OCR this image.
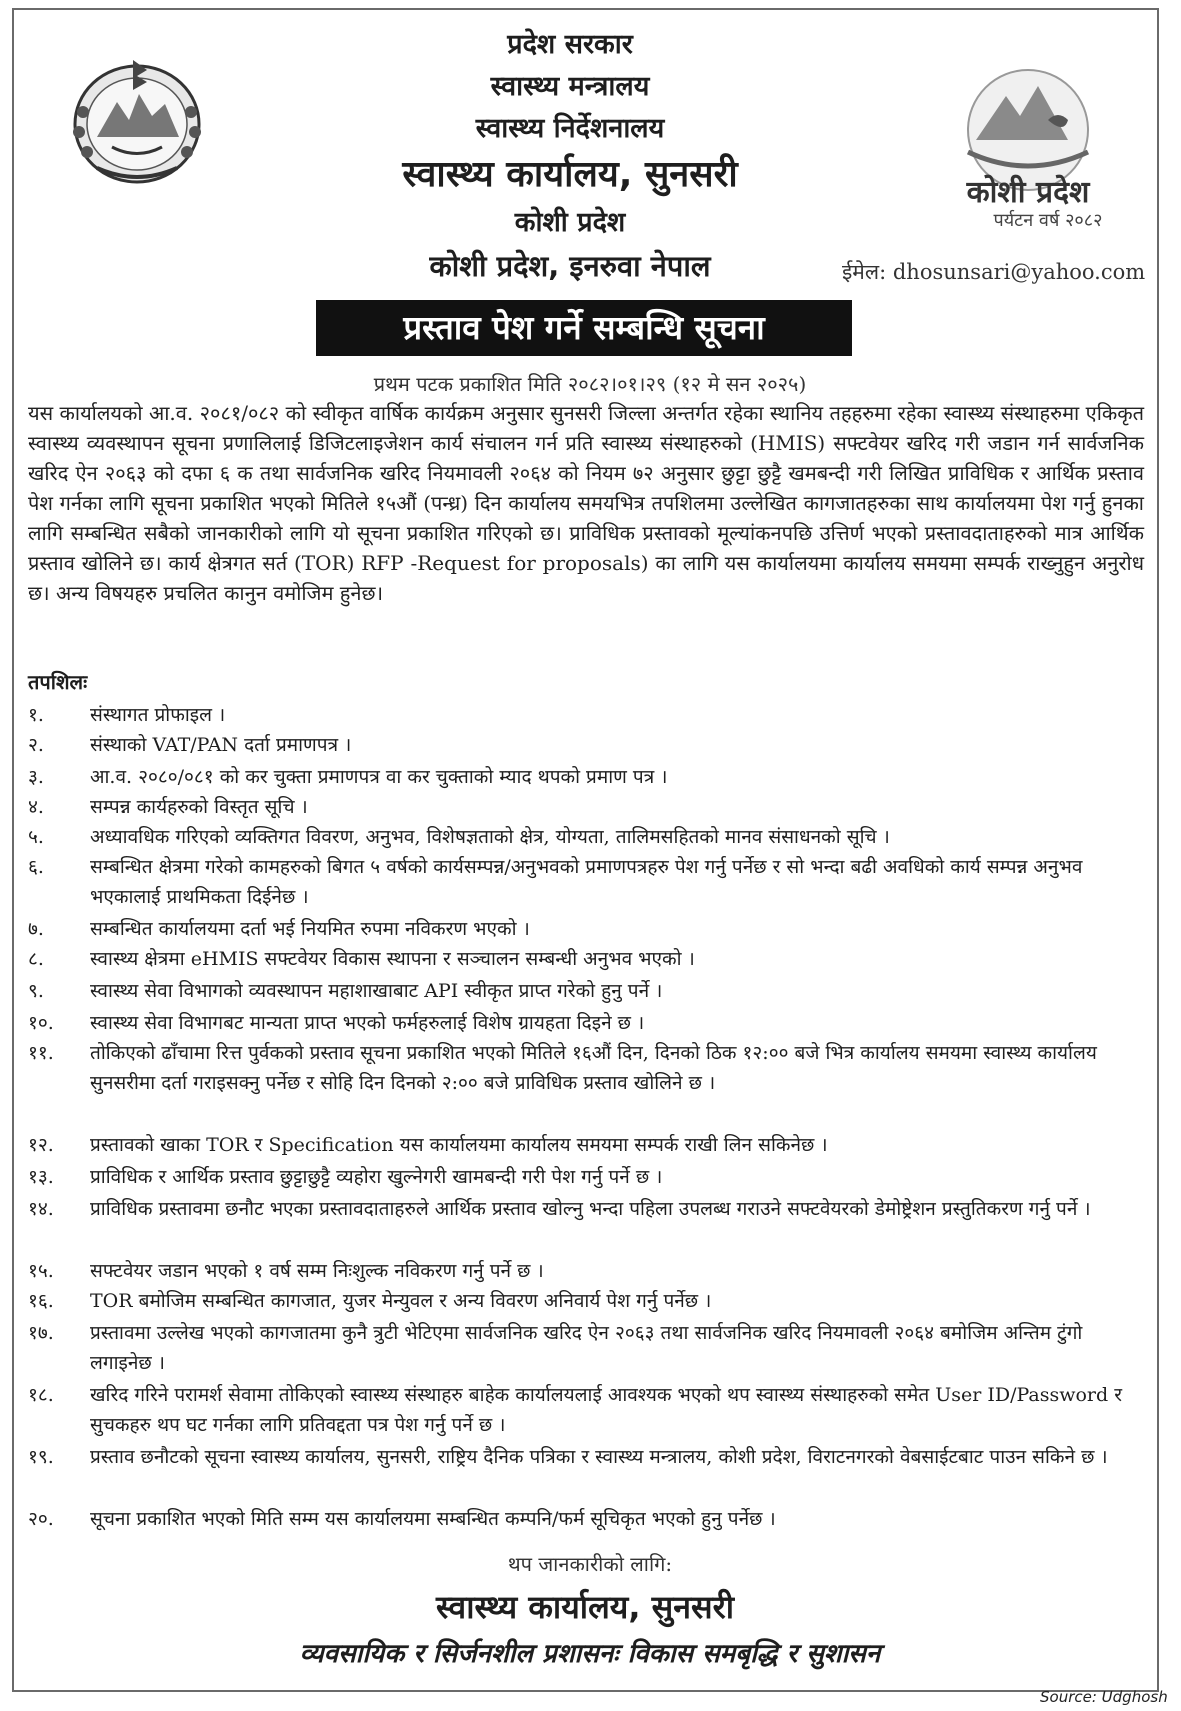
कोशी प्रदेश
पर्यटन वर्ष २०८२
प्रदेश सरकार
स्वास्थ्य मन्त्रालय
स्वास्थ्य निर्देशनालय
स्वास्थ्य कार्यालय, सुनसरी
कोशी प्रदेश
कोशी प्रदेश, इनरुवा नेपाल	ईमेल: dhosunsari@yahoo.com
प्रस्ताव पेश गर्ने सम्बन्धि सूचना
प्रथम पटक प्रकाशित मिति २०८२।०१।२९ (१२ मे सन २०२५)
यस कार्यालयको आ.व. २०८१/०८२ को स्वीकृत वार्षिक कार्यक्रम अनुसार सुनसरी जिल्ला अन्तर्गत रहेका स्थानिय तहहरुमा रहेका स्वास्थ्य संस्थाहरुमा एकिकृत स्वास्थ्य व्यवस्थापन सूचना प्रणालिलाई डिजिटलाइजेशन कार्य संचालन गर्न प्रति स्वास्थ्य संस्थाहरुको (HMIS) सफ्टवेयर खरिद गरी जडान गर्न सार्वजनिक खरिद ऐन २०६३ को दफा ६ क तथा सार्वजनिक खरिद नियमावली २०६४ को नियम ७२ अनुसार छुट्टा छुट्टै खमबन्दी गरी लिखित प्राविधिक र आर्थिक प्रस्ताव पेश गर्नका लागि सूचना प्रकाशित भएको मितिले १५औं (पन्ध्र) दिन कार्यालय समयभित्र तपशिलमा उल्लेखित कागजातहरुका साथ कार्यालयमा पेश गर्नु हुनका लागि सम्बन्धित सबैको जानकारीको लागि यो सूचना प्रकाशित गरिएको छ। प्राविधिक प्रस्तावको मूल्यांकनपछि उत्तिर्ण भएको प्रस्तावदाताहरुको मात्र आर्थिक प्रस्ताव खोलिने छ। कार्य क्षेत्रगत सर्त (TOR) RFP -Request for proposals) का लागि यस कार्यालयमा कार्यालय समयमा सम्पर्क राख्नुहुन अनुरोध छ। अन्य विषयहरु प्रचलित कानुन वमोजिम हुनेछ।
तपशिलः
१. संस्थागत प्रोफाइल ।
२. संस्थाको VAT/PAN दर्ता प्रमाणपत्र ।
३. आ.व. २०८०/०८१ को कर चुक्ता प्रमाणपत्र वा कर चुक्ताको म्याद थपको प्रमाण पत्र ।
४. सम्पन्न कार्यहरुको विस्तृत सूचि ।
५. अध्यावधिक गरिएको व्यक्तिगत विवरण, अनुभव, विशेषज्ञताको क्षेत्र, योग्यता, तालिमसहितको मानव संसाधनको सूचि ।
६. सम्बन्धित क्षेत्रमा गरेको कामहरुको बिगत ५ वर्षको कार्यसम्पन्न/अनुभवको प्रमाणपत्रहरु पेश गर्नु पर्नेछ र सो भन्दा बढी अवधिको कार्य सम्पन्न अनुभव भएकालाई प्राथमिकता दिईनेछ ।
७. सम्बन्धित कार्यालयमा दर्ता भई नियमित रुपमा नविकरण भएको ।
८. स्वास्थ्य क्षेत्रमा eHMIS सफ्टवेयर विकास स्थापना र सञ्चालन सम्बन्धी अनुभव भएको ।
९. स्वास्थ्य सेवा विभागको व्यवस्थापन महाशाखाबाट API स्वीकृत प्राप्त गरेको हुनु पर्ने ।
१०. स्वास्थ्य सेवा विभागबट मान्यता प्राप्त भएको फर्महरुलाई विशेष ग्रायहता दिइने छ ।
११. तोकिएको ढाँचामा रित्त पुर्वकको प्रस्ताव सूचना प्रकाशित भएको मितिले १६औं दिन, दिनको ठिक १२:०० बजे भित्र कार्यालय समयमा स्वास्थ्य कार्यालय सुनसरीमा दर्ता गराइसक्नु पर्नेछ र सोहि दिन दिनको २:०० बजे प्राविधिक प्रस्ताव खोलिने छ ।
१२. प्रस्तावको खाका TOR र Specification यस कार्यालयमा कार्यालय समयमा सम्पर्क राखी लिन सकिनेछ ।
१३. प्राविधिक र आर्थिक प्रस्ताव छुट्टाछुट्टै व्यहोरा खुल्नेगरी खामबन्दी गरी पेश गर्नु पर्ने छ ।
१४. प्राविधिक प्रस्तावमा छनौट भएका प्रस्तावदाताहरुले आर्थिक प्रस्ताव खोल्नु भन्दा पहिला उपलब्ध गराउने सफ्टवेयरको डेमोष्ट्रेशन प्रस्तुतिकरण गर्नु पर्ने ।
१५. सफ्टवेयर जडान भएको १ वर्ष सम्म निःशुल्क नविकरण गर्नु पर्ने छ ।
१६. TOR बमोजिम सम्बन्धित कागजात, युजर मेन्युवल र अन्य विवरण अनिवार्य पेश गर्नु पर्नेछ ।
१७. प्रस्तावमा उल्लेख भएको कागजातमा कुनै त्रुटी भेटिएमा सार्वजनिक खरिद ऐन २०६३ तथा सार्वजनिक खरिद नियमावली २०६४ बमोजिम अन्तिम टुंगो लगाइनेछ ।
१८. खरिद गरिने परामर्श सेवामा तोकिएको स्वास्थ्य संस्थाहरु बाहेक कार्यालयलाई आवश्यक भएको थप स्वास्थ्य संस्थाहरुको समेत User ID/Password र सुचकहरु थप घट गर्नका लागि प्रतिवद्दता पत्र पेश गर्नु पर्ने छ ।
१९. प्रस्ताव छनौटको सूचना स्वास्थ्य कार्यालय, सुनसरी, राष्ट्रिय दैनिक पत्रिका र स्वास्थ्य मन्त्रालय, कोशी प्रदेश, विराटनगरको वेबसाईटबाट पाउन सकिने छ ।
२०. सूचना प्रकाशित भएको मिति सम्म यस कार्यालयमा सम्बन्धित कम्पनि/फर्म सूचिकृत भएको हुनु पर्नेछ ।
थप जानकारीको लागि:
स्वास्थ्य कार्यालय, सुनसरी
व्यवसायिक र सिर्जनशील प्रशासनः विकास समबृद्धि र सुशासन
Source: Udghosh
